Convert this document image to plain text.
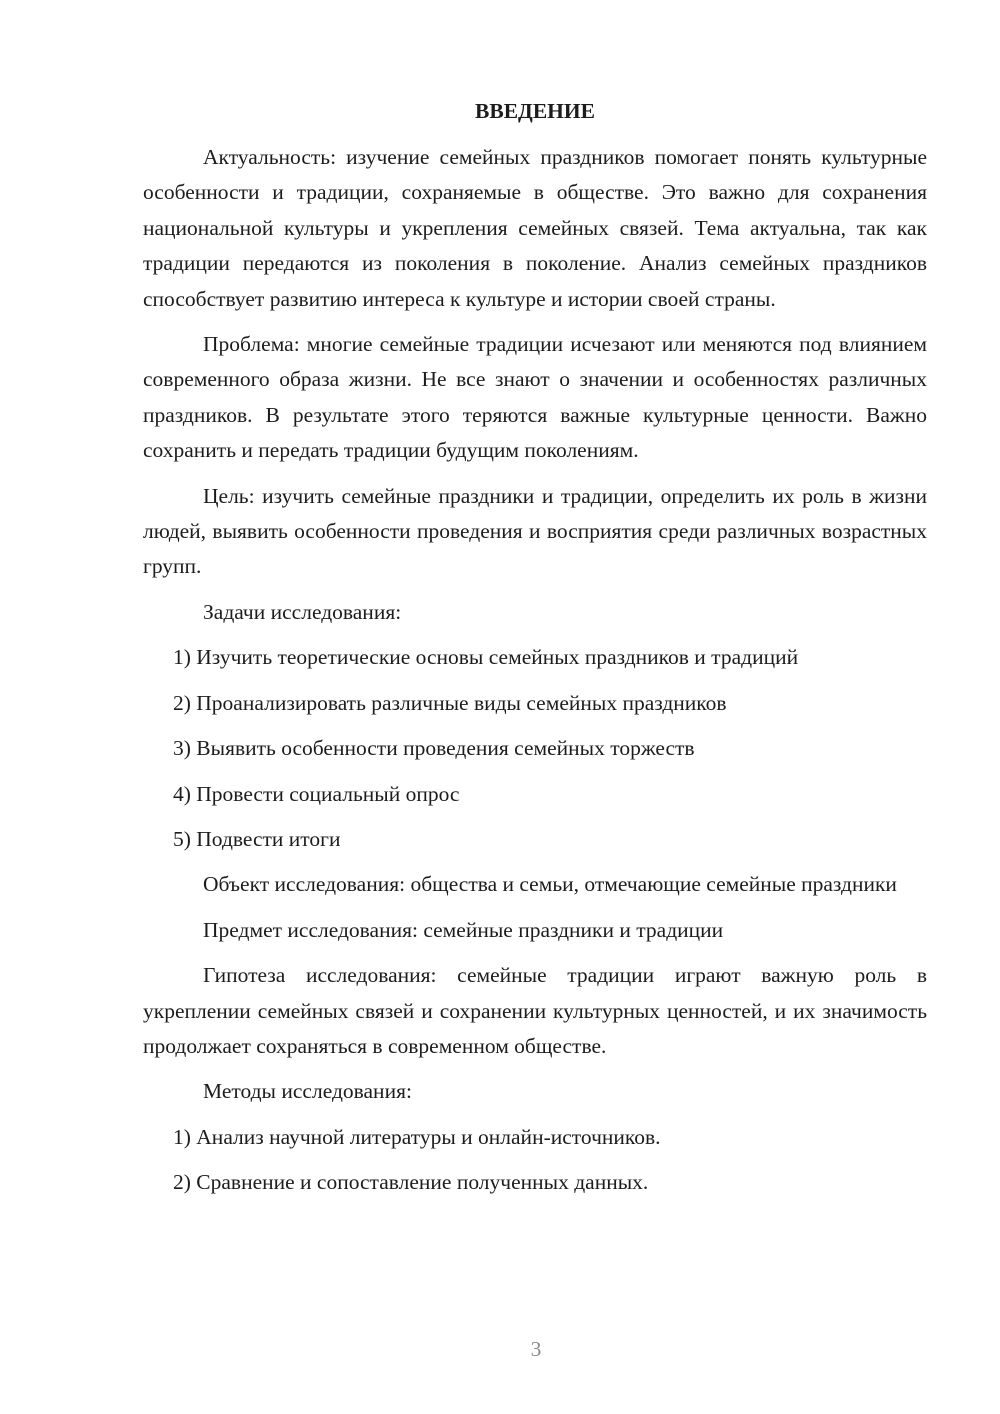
ВВЕДЕНИЕ
Актуальность: изучение семейных праздников помогает понять культурные особенности и традиции, сохраняемые в обществе. Это важно для сохранения национальной культуры и укрепления семейных связей. Тема актуальна, так как традиции передаются из поколения в поколение. Анализ семейных праздников способствует развитию интереса к культуре и истории своей страны.
Проблема: многие семейные традиции исчезают или меняются под влиянием современного образа жизни. Не все знают о значении и особенностях различных праздников. В результате этого теряются важные культурные ценности. Важно сохранить и передать традиции будущим поколениям.
Цель: изучить семейные праздники и традиции, определить их роль в жизни людей, выявить особенности проведения и восприятия среди различных возрастных групп.
Задачи исследования:
1) Изучить теоретические основы семейных праздников и традиций
2) Проанализировать различные виды семейных праздников
3) Выявить особенности проведения семейных торжеств
4) Провести социальный опрос
5) Подвести итоги
Объект исследования: общества и семьи, отмечающие семейные праздники
Предмет исследования: семейные праздники и традиции
Гипотеза исследования: семейные традиции играют важную роль в укреплении семейных связей и сохранении культурных ценностей, и их значимость продолжает сохраняться в современном обществе.
Методы исследования:
1) Анализ научной литературы и онлайн-источников.
2) Сравнение и сопоставление полученных данных.
3
